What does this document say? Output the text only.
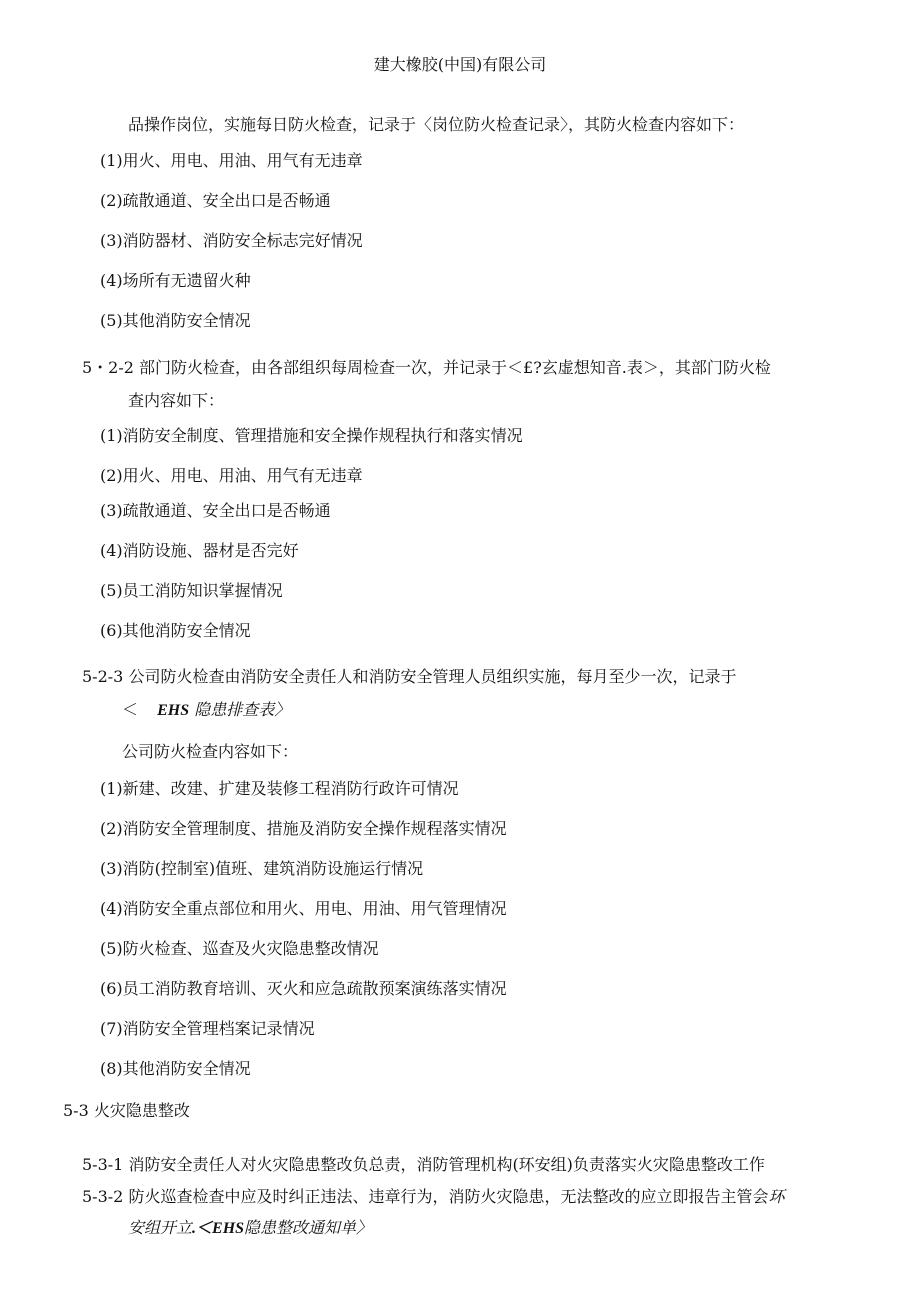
建大橡胶(中国)有限公司
品操作岗位，实施每日防火检查，记录于〈岗位防火检查记录〉，其防火检查内容如下：
(1)用火、用电、用油、用气有无违章
(2)疏散通道、安全出口是否畅通
(3)消防器材、消防安全标志完好情况
(4)场所有无遗留火种
(5)其他消防安全情况
5・2-2 部门防火检查，由各部组织每周检查一次，并记录于＜£?玄虚想知音.表＞，其部门防火检
查内容如下：
(1)消防安全制度、管理措施和安全操作规程执行和落实情况
(2)用火、用电、用油、用气有无违章
(3)疏散通道、安全出口是否畅通
(4)消防设施、器材是否完好
(5)员工消防知识掌握情况
(6)其他消防安全情况
5-2-3 公司防火检查由消防安全责任人和消防安全管理人员组织实施，每月至少一次，记录于
＜ EHS 隐患排查表〉
公司防火检查内容如下：
(1)新建、改建、扩建及装修工程消防行政许可情况
(2)消防安全管理制度、措施及消防安全操作规程落实情况
(3)消防(控制室)值班、建筑消防设施运行情况
(4)消防安全重点部位和用火、用电、用油、用气管理情况
(5)防火检查、巡查及火灾隐患整改情况
(6)员工消防教育培训、灭火和应急疏散预案演练落实情况
(7)消防安全管理档案记录情况
(8)其他消防安全情况
5-3 火灾隐患整改
5-3-1 消防安全责任人对火灾隐患整改负总责，消防管理机构(环安组)负责落实火灾隐患整改工作
5-3-2 防火巡查检查中应及时纠正违法、违章行为，消防火灾隐患，无法整改的应立即报告主管会环
安组开立.＜EHS隐患整改通知单〉
